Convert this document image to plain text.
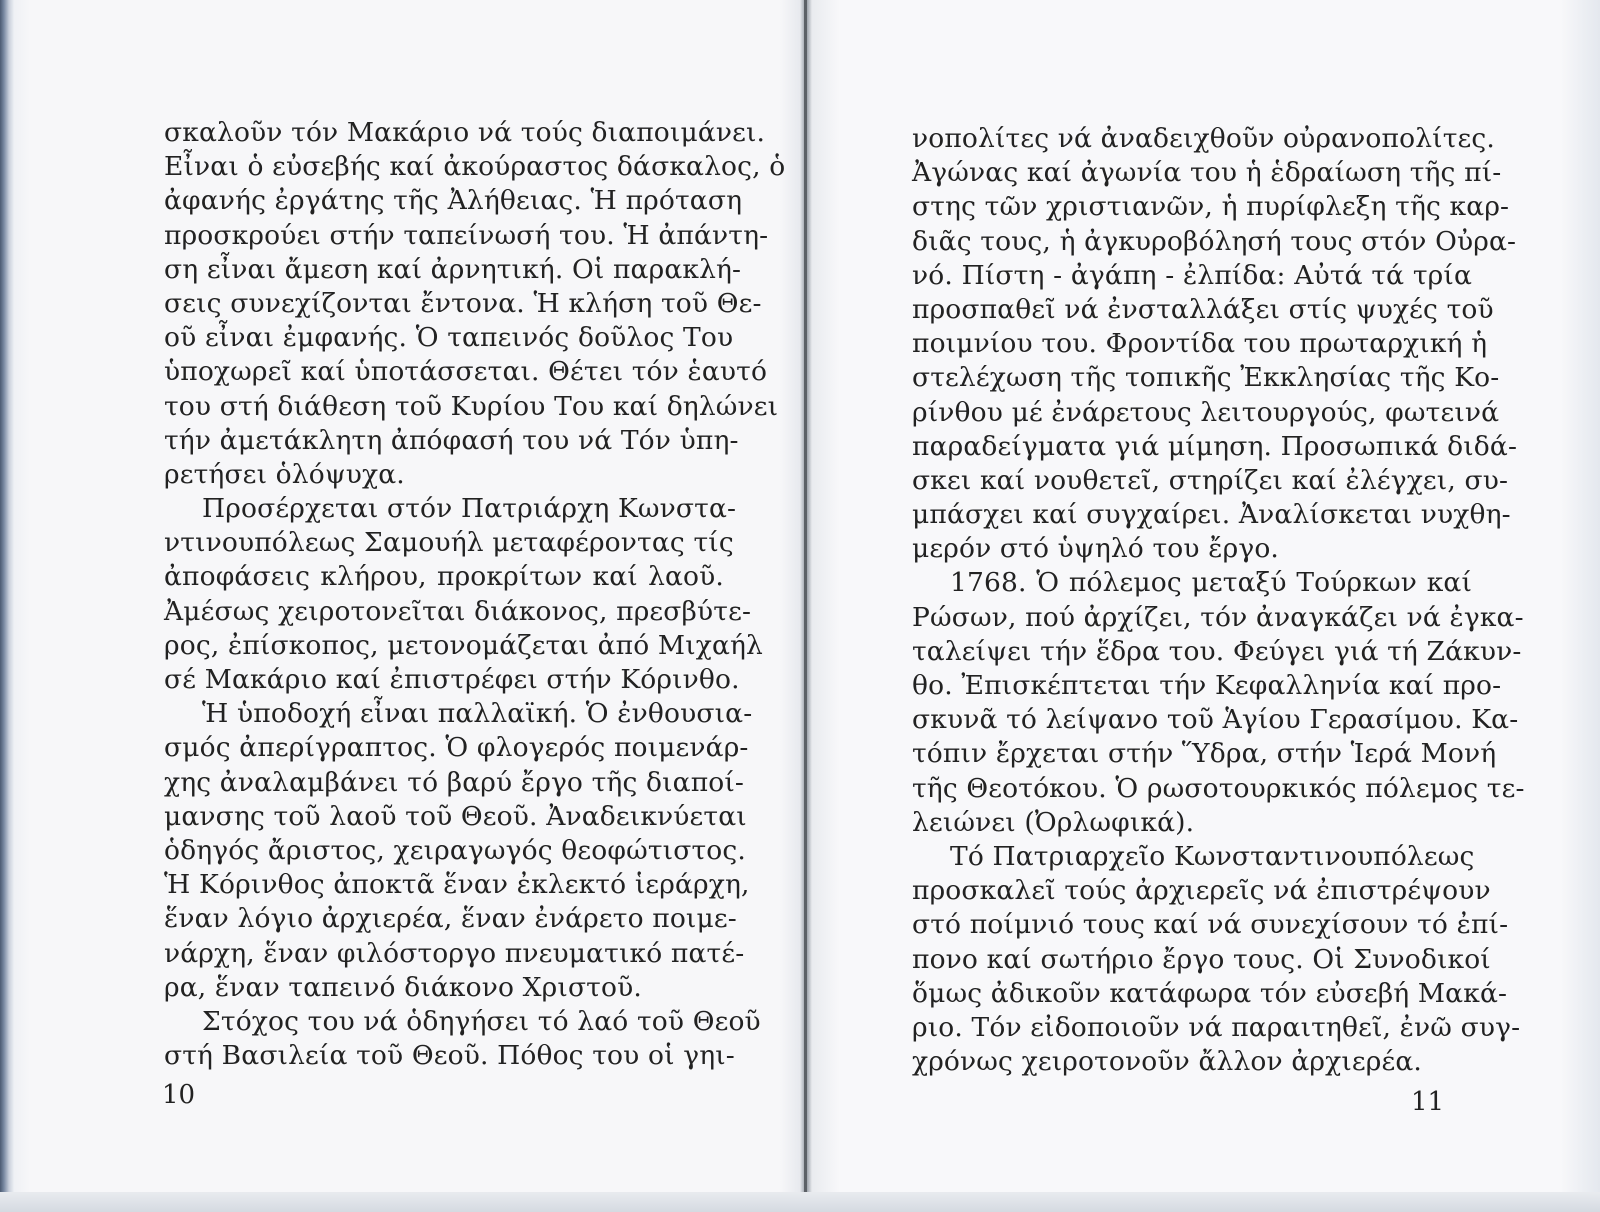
σκαλοῦν τόν Μακάριο νά τούς διαποιμάνει.
Εἶναι ὁ εὐσεβής καί ἀκούραστος δάσκαλος, ὁ
ἀφανής ἐργάτης τῆς Ἀλήθειας. Ἡ πρόταση
προσκρούει στήν ταπείνωσή του. Ἡ ἀπάντη-
ση εἶναι ἄμεση καί ἀρνητική. Οἱ παρακλή-
σεις συνεχίζονται ἔντονα. Ἡ κλήση τοῦ Θε-
οῦ εἶναι ἐμφανής. Ὁ ταπεινός δοῦλος Του
ὑποχωρεῖ καί ὑποτάσσεται. Θέτει τόν ἑαυτό
του στή διάθεση τοῦ Κυρίου Του καί δηλώνει
τήν ἀμετάκλητη ἀπόφασή του νά Τόν ὑπη-
ρετήσει ὁλόψυχα.
Προσέρχεται στόν Πατριάρχη Κωνστα-
ντινουπόλεως Σαμουήλ μεταφέροντας τίς
ἀποφάσεις κλήρου, προκρίτων καί λαοῦ.
Ἀμέσως χειροτονεῖται διάκονος, πρεσβύτε-
ρος, ἐπίσκοπος, μετονομάζεται ἀπό Μιχαήλ
σέ Μακάριο καί ἐπιστρέφει στήν Κόρινθο.
Ἡ ὑποδοχή εἶναι παλλαϊκή. Ὁ ἐνθουσια-
σμός ἀπερίγραπτος. Ὁ φλογερός ποιμενάρ-
χης ἀναλαμβάνει τό βαρύ ἔργο τῆς διαποί-
μανσης τοῦ λαοῦ τοῦ Θεοῦ. Ἀναδεικνύεται
ὁδηγός ἄριστος, χειραγωγός θεοφώτιστος.
Ἡ Κόρινθος ἀποκτᾶ ἕναν ἐκλεκτό ἱεράρχη,
ἕναν λόγιο ἀρχιερέα, ἕναν ἐνάρετο ποιμε-
νάρχη, ἕναν φιλόστοργο πνευματικό πατέ-
ρα, ἕναν ταπεινό διάκονο Χριστοῦ.
Στόχος του νά ὁδηγήσει τό λαό τοῦ Θεοῦ
στή Βασιλεία τοῦ Θεοῦ. Πόθος του οἱ γηι-
10
νοπολίτες νά ἀναδειχθοῦν οὐρανοπολίτες.
Ἀγώνας καί ἀγωνία του ἡ ἑδραίωση τῆς πί-
στης τῶν χριστιανῶν, ἡ πυρίφλεξη τῆς καρ-
διᾶς τους, ἡ ἀγκυροβόλησή τους στόν Οὐρα-
νό. Πίστη - ἀγάπη - ἐλπίδα: Αὐτά τά τρία
προσπαθεῖ νά ἐνσταλλάξει στίς ψυχές τοῦ
ποιμνίου του. Φροντίδα του πρωταρχική ἡ
στελέχωση τῆς τοπικῆς Ἐκκλησίας τῆς Κο-
ρίνθου μέ ἐνάρετους λειτουργούς, φωτεινά
παραδείγματα γιά μίμηση. Προσωπικά διδά-
σκει καί νουθετεῖ, στηρίζει καί ἐλέγχει, συ-
μπάσχει καί συγχαίρει. Ἀναλίσκεται νυχθη-
μερόν στό ὑψηλό του ἔργο.
1768. Ὁ πόλεμος μεταξύ Τούρκων καί
Ρώσων, πού ἀρχίζει, τόν ἀναγκάζει νά ἐγκα-
ταλείψει τήν ἕδρα του. Φεύγει γιά τή Ζάκυν-
θο. Ἐπισκέπτεται τήν Κεφαλληνία καί προ-
σκυνᾶ τό λείψανο τοῦ Ἁγίου Γερασίμου. Κα-
τόπιν ἔρχεται στήν Ὕδρα, στήν Ἱερά Μονή
τῆς Θεοτόκου. Ὁ ρωσοτουρκικός πόλεμος τε-
λειώνει (Ὀρλωφικά).
Τό Πατριαρχεῖο Κωνσταντινουπόλεως
προσκαλεῖ τούς ἀρχιερεῖς νά ἐπιστρέψουν
στό ποίμνιό τους καί νά συνεχίσουν τό ἐπί-
πονο καί σωτήριο ἔργο τους. Οἱ Συνοδικοί
ὅμως ἀδικοῦν κατάφωρα τόν εὐσεβή Μακά-
ριο. Τόν εἰδοποιοῦν νά παραιτηθεῖ, ἐνῶ συγ-
χρόνως χειροτονοῦν ἄλλον ἀρχιερέα.
11
